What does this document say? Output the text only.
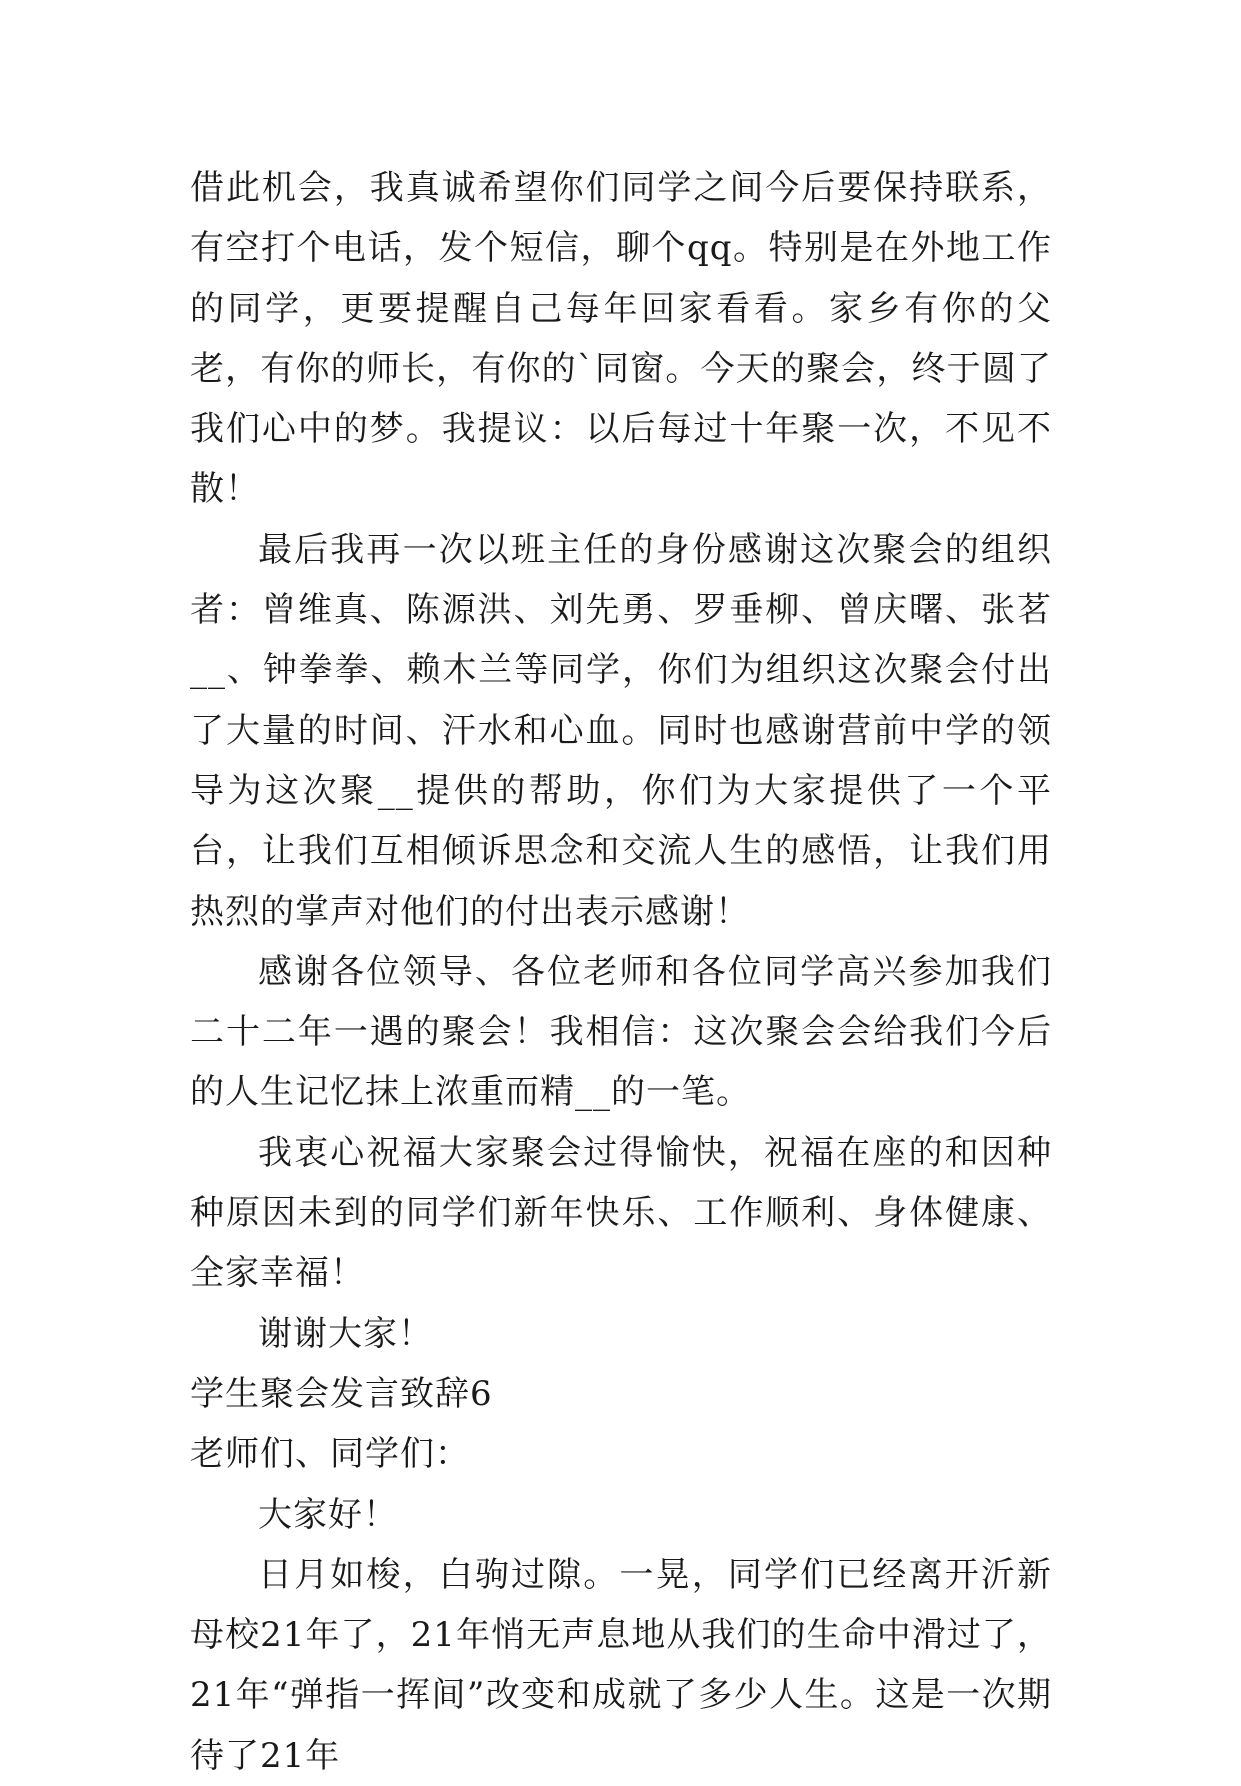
借此机会，我真诚希望你们同学之间今后要保持联系，有空打个电话，发个短信，聊个qq。特别是在外地工作的同学，更要提醒自己每年回家看看。家乡有你的父老，有你的师长，有你的`同窗。今天的聚会，终于圆了我们心中的梦。我提议：以后每过十年聚一次，不见不散！

最后我再一次以班主任的身份感谢这次聚会的组织者：曾维真、陈源洪、刘先勇、罗垂柳、曾庆曙、张茗__、钟拳拳、赖木兰等同学，你们为组织这次聚会付出了大量的时间、汗水和心血。同时也感谢营前中学的领导为这次聚__提供的帮助，你们为大家提供了一个平台，让我们互相倾诉思念和交流人生的感悟，让我们用热烈的掌声对他们的付出表示感谢！

感谢各位领导、各位老师和各位同学高兴参加我们二十二年一遇的聚会！我相信：这次聚会会给我们今后的人生记忆抹上浓重而精__的一笔。

我衷心祝福大家聚会过得愉快，祝福在座的和因种种原因未到的同学们新年快乐、工作顺利、身体健康、全家幸福！

谢谢大家！

学生聚会发言致辞6

老师们、同学们：

大家好！

日月如梭，白驹过隙。一晃，同学们已经离开沂新母校21年了，21年悄无声息地从我们的生命中滑过了，21年“弹指一挥间”改变和成就了多少人生。这是一次期待了21年
